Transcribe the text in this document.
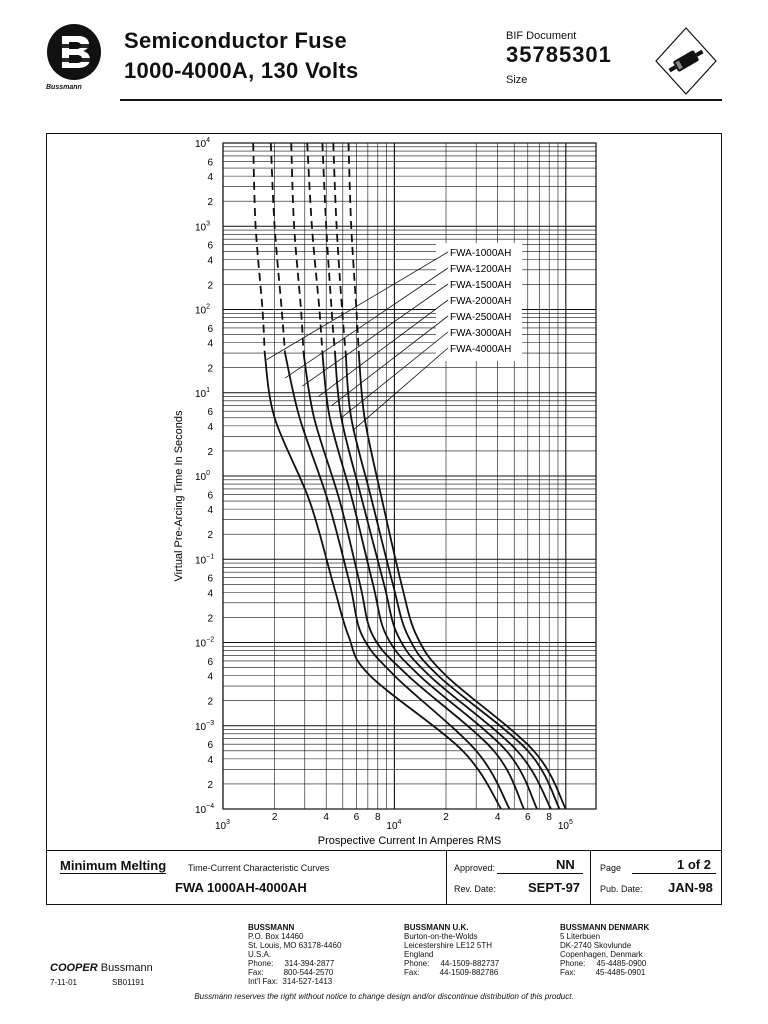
Bussmann
Semiconductor Fuse
1000-4000A, 130 Volts
BIF Document
35785301
Size
$10^4$
$10^3$
$10^2$
$10^1$
$10^0$
$10^{-1}$
$10^{-2}$
$10^{-3}$
$10^{-4}$
2
4
6
2
4
6
2
4
6
2
4
6
2
4
6
2
4
6
2
4
6
2
4
6
$10^3$	$10^4$	$10^5$
2	4 6 8	2	4 6 8
FWA-1000AH
FWA-1200AH
FWA-1500AH
FWA-2000AH
FWA-2500AH
FWA-3000AH
FWA-4000AH
Prospective Current In Amperes RMS
Virtual Pre-Arcing Time In Seconds
Minimum Melting Time-Current Characteristic Curves
FWA 1000AH-4000AH
Approved:	NN
Rev. Date: SEPT-97
Page	1 of 2
Pub. Date: JAN-98
BUSSMANN
P.O. Box 14460
St. Louis, MO 63178-4460
U.S.A.
Phone:     314-394-2877
Fax:         800-544-2570
Int'l Fax:  314-527-1413
BUSSMANN U.K.
Burton-on-the-Wolds
Leicestershire LE12 5TH
England
Phone:     44-1509-882737
Fax:         44-1509-882786
BUSSMANN DENMARK
5 Literbuen
DK-2740 Skovlunde
Copenhagen, Denmark
Phone:     45-4485-0900
Fax:         45-4485-0901
COOPER Bussmann
7-11-01	SB01191
Bussmann reserves the right without notice to change design and/or discontinue distribution of this product.
